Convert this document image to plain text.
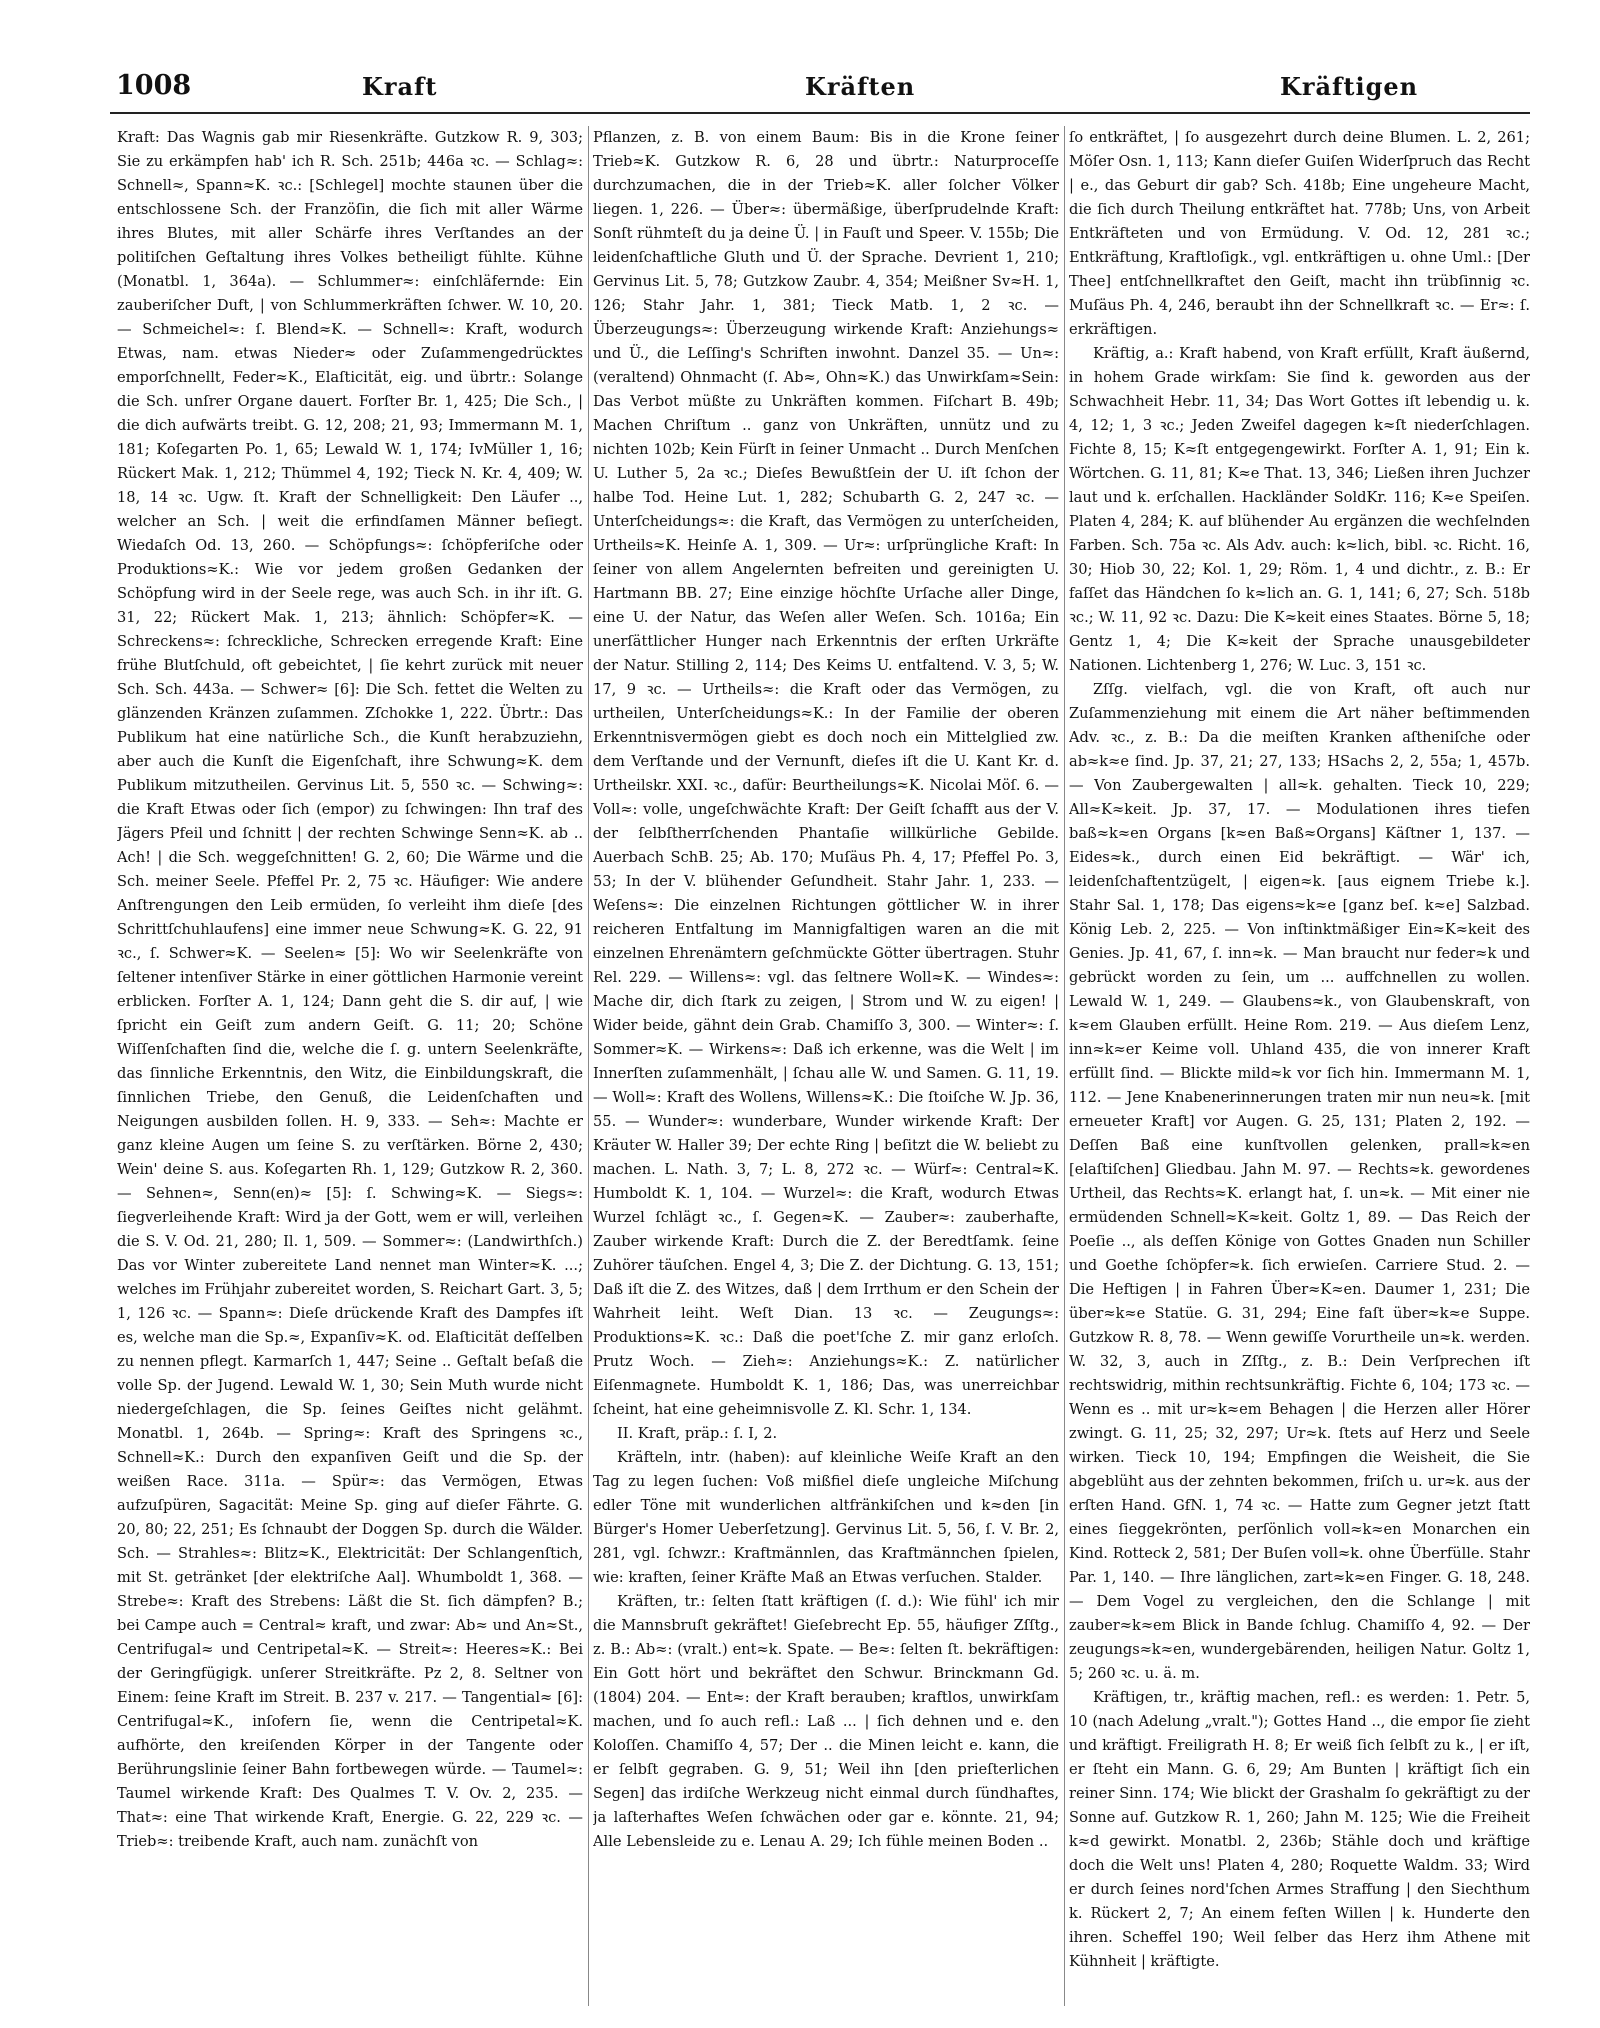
1008	Kraft	Kräften	Kräftigen

Kraft: Das Wagnis gab mir Riesenkräfte. Gutzkow R. 9, 303; Sie zu erkämpfen hab' ich R. Sch. 251b; 446a ꝛc. — Schlag≈: Schnell≈, Spann≈K. ꝛc.: [Schlegel] mochte staunen über die entschlossene Sch. der Franzöſin, die ſich mit aller Wärme ihres Blutes, mit aller Schärfe ihres Verſtandes an der politiſchen Geſtaltung ihres Volkes betheiligt fühlte. Kühne (Monatbl. 1, 364a). — Schlummer≈: einſchläfernde: Ein zauberiſcher Duft, | von Schlummerkräften ſchwer. W. 10, 20. — Schmeichel≈: ſ. Blend≈K. — Schnell≈: Kraft, wodurch Etwas, nam. etwas Nieder≈ oder Zuſammengedrücktes emporſchnellt, Feder≈K., Elaſticität, eig. und übrtr.: Solange die Sch. unſrer Organe dauert. Forſter Br. 1, 425; Die Sch., | die dich aufwärts treibt. G. 12, 208; 21, 93; Immermann M. 1, 181; Koſegarten Po. 1, 65; Lewald W. 1, 174; IvMüller 1, 16; Rückert Mak. 1, 212; Thümmel 4, 192; Tieck N. Kr. 4, 409; W. 18, 14 ꝛc. Ugw. ſt. Kraft der Schnelligkeit: Den Läufer .., welcher an Sch. | weit die erfindſamen Männer beſiegt. Wiedaſch Od. 13, 260. — Schöpfungs≈: ſchöpferiſche oder Produktions≈K.: Wie vor jedem großen Gedanken der Schöpfung wird in der Seele rege, was auch Sch. in ihr iſt. G. 31, 22; Rückert Mak. 1, 213; ähnlich: Schöpfer≈K. — Schreckens≈: ſchreckliche, Schrecken erregende Kraft: Eine frühe Blutſchuld, oft gebeichtet, | ſie kehrt zurück mit neuer Sch. Sch. 443a. — Schwer≈ [6]: Die Sch. fettet die Welten zu glänzenden Kränzen zuſammen. Zſchokke 1, 222. Übrtr.: Das Publikum hat eine natürliche Sch., die Kunſt herabzuziehn, aber auch die Kunſt die Eigenſchaft, ihre Schwung≈K. dem Publikum mitzutheilen. Gervinus Lit. 5, 550 ꝛc. — Schwing≈: die Kraft Etwas oder ſich (empor) zu ſchwingen: Ihn traf des Jägers Pfeil und ſchnitt | der rechten Schwinge Senn≈K. ab .. Ach! | die Sch. weggeſchnitten! G. 2, 60; Die Wärme und die Sch. meiner Seele. Pfeffel Pr. 2, 75 ꝛc. Häufiger: Wie andere Anſtrengungen den Leib ermüden, ſo verleiht ihm dieſe [des Schrittſchuhlaufens] eine immer neue Schwung≈K. G. 22, 91 ꝛc., ſ. Schwer≈K. — Seelen≈ [5]: Wo wir Seelenkräfte von ſeltener intenſiver Stärke in einer göttlichen Harmonie vereint erblicken. Forſter A. 1, 124; Dann geht die S. dir auf, | wie ſpricht ein Geiſt zum andern Geiſt. G. 11; 20; Schöne Wiſſenſchaften ſind die, welche die ſ. g. untern Seelenkräfte, das ſinnliche Erkenntnis, den Witz, die Einbildungskraft, die ſinnlichen Triebe, den Genuß, die Leidenſchaften und Neigungen ausbilden ſollen. H. 9, 333. — Seh≈: Machte er ganz kleine Augen um ſeine S. zu verſtärken. Börne 2, 430; Wein' deine S. aus. Koſegarten Rh. 1, 129; Gutzkow R. 2, 360. — Sehnen≈, Senn(en)≈ [5]: ſ. Schwing≈K. — Siegs≈: ſiegverleihende Kraft: Wird ja der Gott, wem er will, verleihen die S. V. Od. 21, 280; Il. 1, 509. — Sommer≈: (Landwirthſch.) Das vor Winter zubereitete Land nennet man Winter≈K. ...; welches im Frühjahr zubereitet worden, S. Reichart Gart. 3, 5; 1, 126 ꝛc. — Spann≈: Dieſe drückende Kraft des Dampfes iſt es, welche man die Sp.≈, Expanſiv≈K. od. Elaſticität deſſelben zu nennen pflegt. Karmarſch 1, 447; Seine .. Geſtalt beſaß die volle Sp. der Jugend. Lewald W. 1, 30; Sein Muth wurde nicht niedergeſchlagen, die Sp. ſeines Geiſtes nicht gelähmt. Monatbl. 1, 264b. — Spring≈: Kraft des Springens ꝛc., Schnell≈K.: Durch den expanſiven Geiſt und die Sp. der weißen Race. 311a. — Spür≈: das Vermögen, Etwas aufzuſpüren, Sagacität: Meine Sp. ging auf dieſer Fährte. G. 20, 80; 22, 251; Es ſchnaubt der Doggen Sp. durch die Wälder. Sch. — Strahles≈: Blitz≈K., Elektricität: Der Schlangenſtich, mit St. getränket [der elektriſche Aal]. Whumboldt 1, 368. — Strebe≈: Kraft des Strebens: Läßt die St. ſich dämpfen? B.; bei Campe auch = Central≈ kraft, und zwar: Ab≈ und An≈St., Centrifugal≈ und Centripetal≈K. — Streit≈: Heeres≈K.: Bei der Geringfügigk. unſerer Streitkräfte. Pz 2, 8. Seltner von Einem: ſeine Kraft im Streit. B. 237 v. 217. — Tangential≈ [6]: Centrifugal≈K., inſofern ſie, wenn die Centripetal≈K. aufhörte, den kreiſenden Körper in der Tangente oder Berührungslinie ſeiner Bahn fortbewegen würde. — Taumel≈: Taumel wirkende Kraft: Des Qualmes T. V. Ov. 2, 235. — That≈: eine That wirkende Kraft, Energie. G. 22, 229 ꝛc. — Trieb≈: treibende Kraft, auch nam. zunächſt von

Pflanzen, z. B. von einem Baum: Bis in die Krone ſeiner Trieb≈K. Gutzkow R. 6, 28 und übrtr.: Naturproceſſe durchzumachen, die in der Trieb≈K. aller ſolcher Völker liegen. 1, 226. — Über≈: übermäßige, überſprudelnde Kraft: Sonſt rühmteſt du ja deine Ü. | in Fauſt und Speer. V. 155b; Die leidenſchaftliche Gluth und Ü. der Sprache. Devrient 1, 210; Gervinus Lit. 5, 78; Gutzkow Zaubr. 4, 354; Meißner Sv≈H. 1, 126; Stahr Jahr. 1, 381; Tieck Matb. 1, 2 ꝛc. — Überzeugungs≈: Überzeugung wirkende Kraft: Anziehungs≈ und Ü., die Leſſing's Schriften inwohnt. Danzel 35. — Un≈: (veraltend) Ohnmacht (ſ. Ab≈, Ohn≈K.) das Unwirkſam≈Sein: Das Verbot müßte zu Unkräften kommen. Fiſchart B. 49b; Machen Chriſtum .. ganz von Unkräften, unnütz und zu nichten 102b; Kein Fürſt in ſeiner Unmacht .. Durch Menſchen U. Luther 5, 2a ꝛc.; Dieſes Bewußtſein der U. iſt ſchon der halbe Tod. Heine Lut. 1, 282; Schubarth G. 2, 247 ꝛc. — Unterſcheidungs≈: die Kraft, das Vermögen zu unterſcheiden, Urtheils≈K. Heinſe A. 1, 309. — Ur≈: urſprüngliche Kraft: In ſeiner von allem Angelernten befreiten und gereinigten U. Hartmann BB. 27; Eine einzige höchſte Urſache aller Dinge, eine U. der Natur, das Weſen aller Weſen. Sch. 1016a; Ein unerſättlicher Hunger nach Erkenntnis der erſten Urkräfte der Natur. Stilling 2, 114; Des Keims U. entfaltend. V. 3, 5; W. 17, 9 ꝛc. — Urtheils≈: die Kraft oder das Vermögen, zu urtheilen, Unterſcheidungs≈K.: In der Familie der oberen Erkenntnisvermögen giebt es doch noch ein Mittelglied zw. dem Verſtande und der Vernunft, dieſes iſt die U. Kant Kr. d. Urtheilskr. XXI. ꝛc., dafür: Beurtheilungs≈K. Nicolai Möſ. 6. — Voll≈: volle, ungeſchwächte Kraft: Der Geiſt ſchafft aus der V. der ſelbſtherrſchenden Phantaſie willkürliche Gebilde. Auerbach SchB. 25; Ab. 170; Muſäus Ph. 4, 17; Pfeffel Po. 3, 53; In der V. blühender Geſundheit. Stahr Jahr. 1, 233. — Weſens≈: Die einzelnen Richtungen göttlicher W. in ihrer reicheren Entfaltung im Mannigfaltigen waren an die mit einzelnen Ehrenämtern geſchmückte Götter übertragen. Stuhr Rel. 229. — Willens≈: vgl. das ſeltnere Woll≈K. — Windes≈: Mache dir, dich ſtark zu zeigen, | Strom und W. zu eigen! | Wider beide, gähnt dein Grab. Chamiſſo 3, 300. — Winter≈: ſ. Sommer≈K. — Wirkens≈: Daß ich erkenne, was die Welt | im Innerſten zuſammenhält, | ſchau alle W. und Samen. G. 11, 19. — Woll≈: Kraft des Wollens, Willens≈K.: Die ſtoiſche W. Jp. 36, 55. — Wunder≈: wunderbare, Wunder wirkende Kraft: Der Kräuter W. Haller 39; Der echte Ring | beſitzt die W. beliebt zu machen. L. Nath. 3, 7; L. 8, 272 ꝛc. — Würf≈: Central≈K. Humboldt K. 1, 104. — Wurzel≈: die Kraft, wodurch Etwas Wurzel ſchlägt ꝛc., ſ. Gegen≈K. — Zauber≈: zauberhafte, Zauber wirkende Kraft: Durch die Z. der Beredtſamk. ſeine Zuhörer täuſchen. Engel 4, 3; Die Z. der Dichtung. G. 13, 151; Daß iſt die Z. des Witzes, daß | dem Irrthum er den Schein der Wahrheit leiht. Weſt Dian. 13 ꝛc. — Zeugungs≈: Produktions≈K. ꝛc.: Daß die poet'ſche Z. mir ganz erloſch. Prutz Woch. — Zieh≈: Anziehungs≈K.: Z. natürlicher Eiſenmagnete. Humboldt K. 1, 186; Das, was unerreichbar ſcheint, hat eine geheimnisvolle Z. Kl. Schr. 1, 134.

II. Kraft, präp.: ſ. I, 2.

Kräfteln, intr. (haben): auf kleinliche Weiſe Kraft an den Tag zu legen ſuchen: Voß mißfiel dieſe ungleiche Miſchung edler Töne mit wunderlichen altfränkiſchen und k≈den [in Bürger's Homer Ueberſetzung]. Gervinus Lit. 5, 56, ſ. V. Br. 2, 281, vgl. ſchwzr.: Kraftmännlen, das Kraftmännchen ſpielen, wie: kraften, ſeiner Kräfte Maß an Etwas verſuchen. Stalder.

Kräften, tr.: ſelten ſtatt kräftigen (ſ. d.): Wie fühl' ich mir die Mannsbruſt gekräftet! Gieſebrecht Ep. 55, häufiger Zſſtg., z. B.: Ab≈: (vralt.) ent≈k. Spate. — Be≈: ſelten ſt. bekräftigen: Ein Gott hört und bekräftet den Schwur. Brinckmann Gd. (1804) 204. — Ent≈: der Kraft berauben; kraftlos, unwirkſam machen, und ſo auch refl.: Laß ... | ſich dehnen und e. den Koloſſen. Chamiſſo 4, 57; Der .. die Minen leicht e. kann, die er ſelbſt gegraben. G. 9, 51; Weil ihn [den prieſterlichen Segen] das irdiſche Werkzeug nicht einmal durch ſündhaftes, ja laſterhaftes Weſen ſchwächen oder gar e. könnte. 21, 94; Alle Lebensleide zu e. Lenau A. 29; Ich fühle meinen Boden ..

ſo entkräftet, | ſo ausgezehrt durch deine Blumen. L. 2, 261; Möſer Osn. 1, 113; Kann dieſer Guiſen Widerſpruch das Recht | e., das Geburt dir gab? Sch. 418b; Eine ungeheure Macht, die ſich durch Theilung entkräftet hat. 778b; Uns, von Arbeit Entkräfteten und von Ermüdung. V. Od. 12, 281 ꝛc.; Entkräftung, Kraftloſigk., vgl. entkräftigen u. ohne Uml.: [Der Thee] entſchnellkraftet den Geiſt, macht ihn trübſinnig ꝛc. Muſäus Ph. 4, 246, beraubt ihn der Schnellkraft ꝛc. — Er≈: ſ. erkräftigen.

Kräftig, a.: Kraft habend, von Kraft erfüllt, Kraft äußernd, in hohem Grade wirkſam: Sie ſind k. geworden aus der Schwachheit Hebr. 11, 34; Das Wort Gottes iſt lebendig u. k. 4, 12; 1, 3 ꝛc.; Jeden Zweifel dagegen k≈ſt niederſchlagen. Fichte 8, 15; K≈ſt entgegengewirkt. Forſter A. 1, 91; Ein k. Wörtchen. G. 11, 81; K≈e That. 13, 346; Ließen ihren Juchzer laut und k. erſchallen. Hackländer SoldKr. 116; K≈e Speiſen. Platen 4, 284; K. auf blühender Au ergänzen die wechſelnden Farben. Sch. 75a ꝛc. Als Adv. auch: k≈lich, bibl. ꝛc. Richt. 16, 30; Hiob 30, 22; Kol. 1, 29; Röm. 1, 4 und dichtr., z. B.: Er faſſet das Händchen ſo k≈lich an. G. 1, 141; 6, 27; Sch. 518b ꝛc.; W. 11, 92 ꝛc. Dazu: Die K≈keit eines Staates. Börne 5, 18; Gentz 1, 4; Die K≈keit der Sprache unausgebildeter Nationen. Lichtenberg 1, 276; W. Luc. 3, 151 ꝛc.

Zſſg. vielfach, vgl. die von Kraft, oft auch nur Zuſammenziehung mit einem die Art näher beſtimmenden Adv. ꝛc., z. B.: Da die meiſten Kranken aſtheniſche oder ab≈k≈e ſind. Jp. 37, 21; 27, 133; HSachs 2, 2, 55a; 1, 457b. — Von Zaubergewalten | all≈k. gehalten. Tieck 10, 229; All≈K≈keit. Jp. 37, 17. — Modulationen ihres tiefen baß≈k≈en Organs [k≈en Baß≈Organs] Käſtner 1, 137. — Eides≈k., durch einen Eid bekräftigt. — Wär' ich, leidenſchaftentzügelt, | eigen≈k. [aus eignem Triebe k.]. Stahr Sal. 1, 178; Das eigens≈k≈e [ganz beſ. k≈e] Salzbad. König Leb. 2, 225. — Von inſtinktmäßiger Ein≈K≈keit des Genies. Jp. 41, 67, ſ. inn≈k. — Man braucht nur feder≈k und gebrückt worden zu ſein, um ... auffchnellen zu wollen. Lewald W. 1, 249. — Glaubens≈k., von Glaubenskraft, von k≈em Glauben erfüllt. Heine Rom. 219. — Aus dieſem Lenz, inn≈k≈er Keime voll. Uhland 435, die von innerer Kraft erfüllt ſind. — Blickte mild≈k vor ſich hin. Immermann M. 1, 112. — Jene Knabenerinnerungen traten mir nun neu≈k. [mit erneueter Kraft] vor Augen. G. 25, 131; Platen 2, 192. — Deſſen Baß eine kunſtvollen gelenken, prall≈k≈en [elaſtiſchen] Gliedbau. Jahn M. 97. — Rechts≈k. gewordenes Urtheil, das Rechts≈K. erlangt hat, ſ. un≈k. — Mit einer nie ermüdenden Schnell≈K≈keit. Goltz 1, 89. — Das Reich der Poeſie .., als deſſen Könige von Gottes Gnaden nun Schiller und Goethe ſchöpfer≈k. ſich erwieſen. Carriere Stud. 2. — Die Heftigen | in Fahren Über≈K≈en. Daumer 1, 231; Die über≈k≈e Statüe. G. 31, 294; Eine faſt über≈k≈e Suppe. Gutzkow R. 8, 78. — Wenn gewiſſe Vorurtheile un≈k. werden. W. 32, 3, auch in Zſſtg., z. B.: Dein Verſprechen iſt rechtswidrig, mithin rechtsunkräftig. Fichte 6, 104; 173 ꝛc. — Wenn es .. mit ur≈k≈em Behagen | die Herzen aller Hörer zwingt. G. 11, 25; 32, 297; Ur≈k. ſtets auf Herz und Seele wirken. Tieck 10, 194; Empfingen die Weisheit, die Sie abgeblüht aus der zehnten bekommen, friſch u. ur≈k. aus der erſten Hand. GfN. 1, 74 ꝛc. — Hatte zum Gegner jetzt ſtatt eines ſieggekrönten, perſönlich voll≈k≈en Monarchen ein Kind. Rotteck 2, 581; Der Buſen voll≈k. ohne Überfülle. Stahr Par. 1, 140. — Ihre länglichen, zart≈k≈en Finger. G. 18, 248. — Dem Vogel zu vergleichen, den die Schlange | mit zauber≈k≈em Blick in Bande ſchlug. Chamiſſo 4, 92. — Der zeugungs≈k≈en, wundergebärenden, heiligen Natur. Goltz 1, 5; 260 ꝛc. u. ä. m.

Kräftigen, tr., kräftig machen, refl.: es werden: 1. Petr. 5, 10 (nach Adelung „vralt."); Gottes Hand .., die empor ſie zieht und kräftigt. Freiligrath H. 8; Er weiß ſich ſelbſt zu k., | er iſt, er ſteht ein Mann. G. 6, 29; Am Bunten | kräftigt ſich ein reiner Sinn. 174; Wie blickt der Grashalm ſo gekräftigt zu der Sonne auf. Gutzkow R. 1, 260; Jahn M. 125; Wie die Freiheit k≈d gewirkt. Monatbl. 2, 236b; Stähle doch und kräftige doch die Welt uns! Platen 4, 280; Roquette Waldm. 33; Wird er durch ſeines nord'ſchen Armes Straffung | den Siechthum k. Rückert 2, 7; An einem feſten Willen | k. Hunderte den ihren. Scheffel 190; Weil ſelber das Herz ihm Athene mit Kühnheit | kräftigte.
